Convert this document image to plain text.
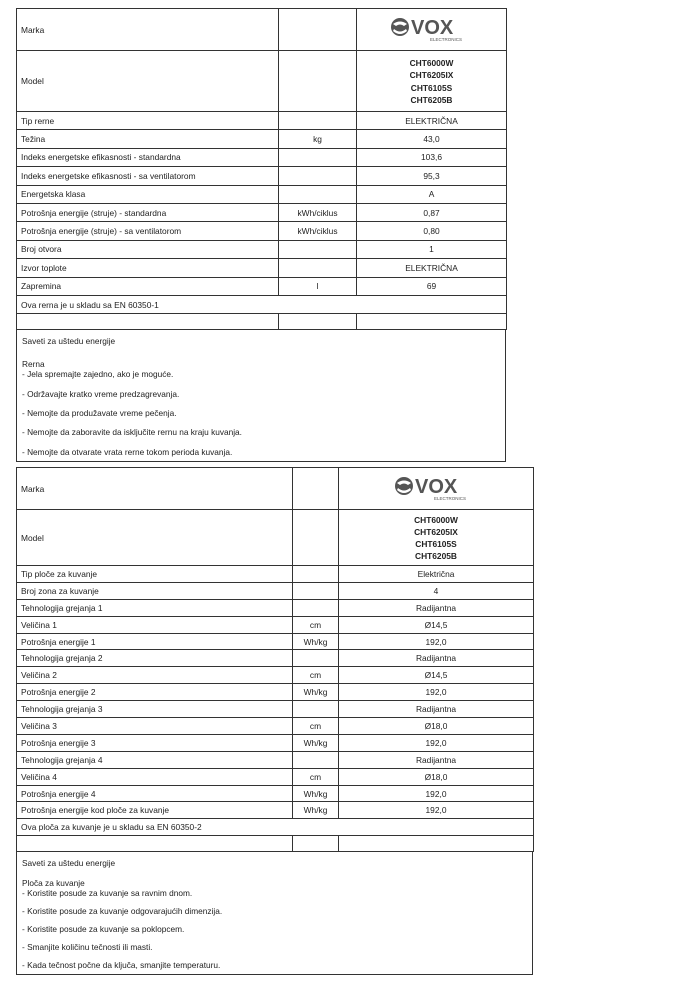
Marka		VOX
ELECTRONICS

Model		CHT6000W
CHT6205IX
CHT6105S
CHT6205B

Tip rerne		ELEKTRIČNA
Težina	kg	43,0
Indeks energetske efikasnosti - standardna		103,6
Indeks energetske efikasnosti - sa ventilatorom		95,3
Energetska klasa		A
Potrošnja energije (struje) - standardna	kWh/ciklus	0,87
Potrošnja energije (struje) - sa ventilatorom	kWh/ciklus	0,80
Broj otvora		1
Izvor toplote		ELEKTRIČNA
Zapremina	l	69
Ova rerna je u skladu sa EN 60350-1		

Saveti za uštedu energije
Rerna
- Jela spremajte zajedno, ako je moguće.
- Održavajte kratko vreme predzagrevanja.
- Nemojte da produžavate vreme pečenja.
- Nemojte da zaboravite da isključite rernu na kraju kuvanja.
- Nemojte da otvarate vrata rerne tokom perioda kuvanja.
Marka		VOX
ELECTRONICS

Model		CHT6000W
CHT6205IX
CHT6105S
CHT6205B

Tip ploče za kuvanje		Električna
Broj zona za kuvanje		4
Tehnologija grejanja 1		Radijantna
Veličina 1	cm	Ø14,5
Potrošnja energije 1	Wh/kg	192,0
Tehnologija grejanja 2		Radijantna
Veličina 2	cm	Ø14,5
Potrošnja energije 2	Wh/kg	192,0
Tehnologija grejanja 3		Radijantna
Veličina 3	cm	Ø18,0
Potrošnja energije 3	Wh/kg	192,0
Tehnologija grejanja 4		Radijantna
Veličina 4	cm	Ø18,0
Potrošnja energije 4	Wh/kg	192,0
Potrošnja energije kod ploče za kuvanje	Wh/kg	192,0
Ova ploča za kuvanje je u skladu sa EN 60350-2		

Saveti za uštedu energije
Ploča za kuvanje
- Koristite posude za kuvanje sa ravnim dnom.
- Koristite posude za kuvanje odgovarajućih dimenzija.
- Koristite posude za kuvanje sa poklopcem.
- Smanjite količinu tečnosti ili masti.
- Kada tečnost počne da ključa, smanjite temperaturu.
